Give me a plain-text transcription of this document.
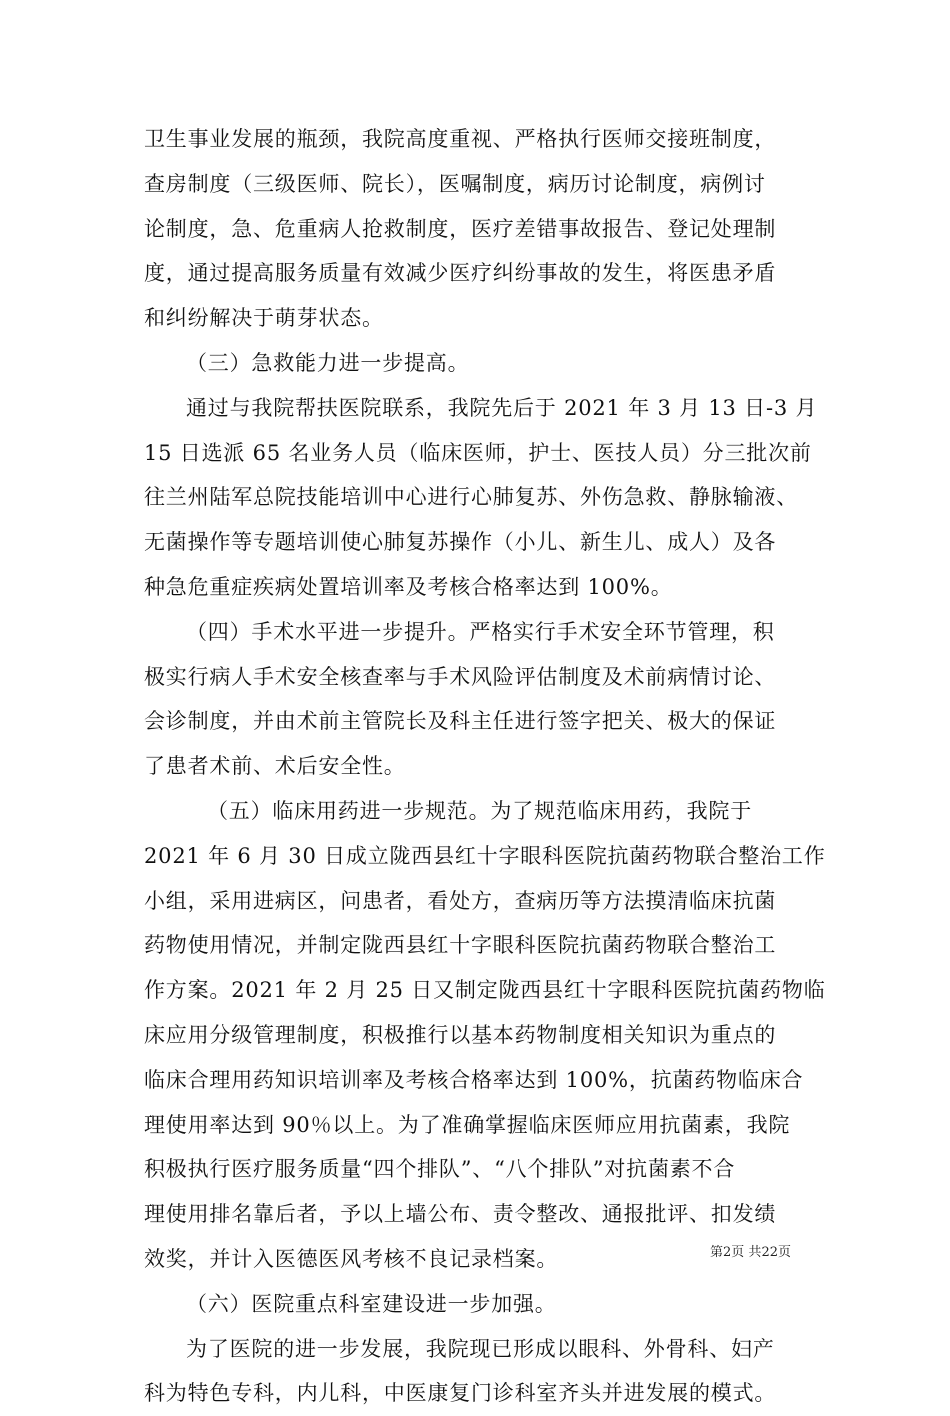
卫生事业发展的瓶颈，我院高度重视、严格执行医师交接班制度，
查房制度（三级医师、院长），医嘱制度，病历讨论制度，病例讨
论制度，急、危重病人抢救制度，医疗差错事故报告、登记处理制
度，通过提高服务质量有效减少医疗纠纷事故的发生，将医患矛盾
和纠纷解决于萌芽状态。
（三）急救能力进一步提高。
通过与我院帮扶医院联系，我院先后于 2021 年 3 月 13 日-3 月
15 日选派 65 名业务人员（临床医师，护士、医技人员）分三批次前
往兰州陆军总院技能培训中心进行心肺复苏、外伤急救、静脉输液、
无菌操作等专题培训使心肺复苏操作（小儿、新生儿、成人）及各
种急危重症疾病处置培训率及考核合格率达到 100%。
（四）手术水平进一步提升。严格实行手术安全环节管理，积
极实行病人手术安全核查率与手术风险评估制度及术前病情讨论、
会诊制度，并由术前主管院长及科主任进行签字把关、极大的保证
了患者术前、术后安全性。
（五）临床用药进一步规范。为了规范临床用药，我院于
2021 年 6 月 30 日成立陇西县红十字眼科医院抗菌药物联合整治工作
小组，采用进病区，问患者，看处方，查病历等方法摸清临床抗菌
药物使用情况，并制定陇西县红十字眼科医院抗菌药物联合整治工
作方案。2021 年 2 月 25 日又制定陇西县红十字眼科医院抗菌药物临
床应用分级管理制度，积极推行以基本药物制度相关知识为重点的
临床合理用药知识培训率及考核合格率达到 100%，抗菌药物临床合
理使用率达到 90％以上。为了准确掌握临床医师应用抗菌素，我院
积极执行医疗服务质量“四个排队”、“八个排队”对抗菌素不合
理使用排名靠后者，予以上墙公布、责令整改、通报批评、扣发绩
效奖，并计入医德医风考核不良记录档案。
（六）医院重点科室建设进一步加强。
为了医院的进一步发展，我院现已形成以眼科、外骨科、妇产
科为特色专科，内儿科，中医康复门诊科室齐头并进发展的模式。
第2页 共22页
